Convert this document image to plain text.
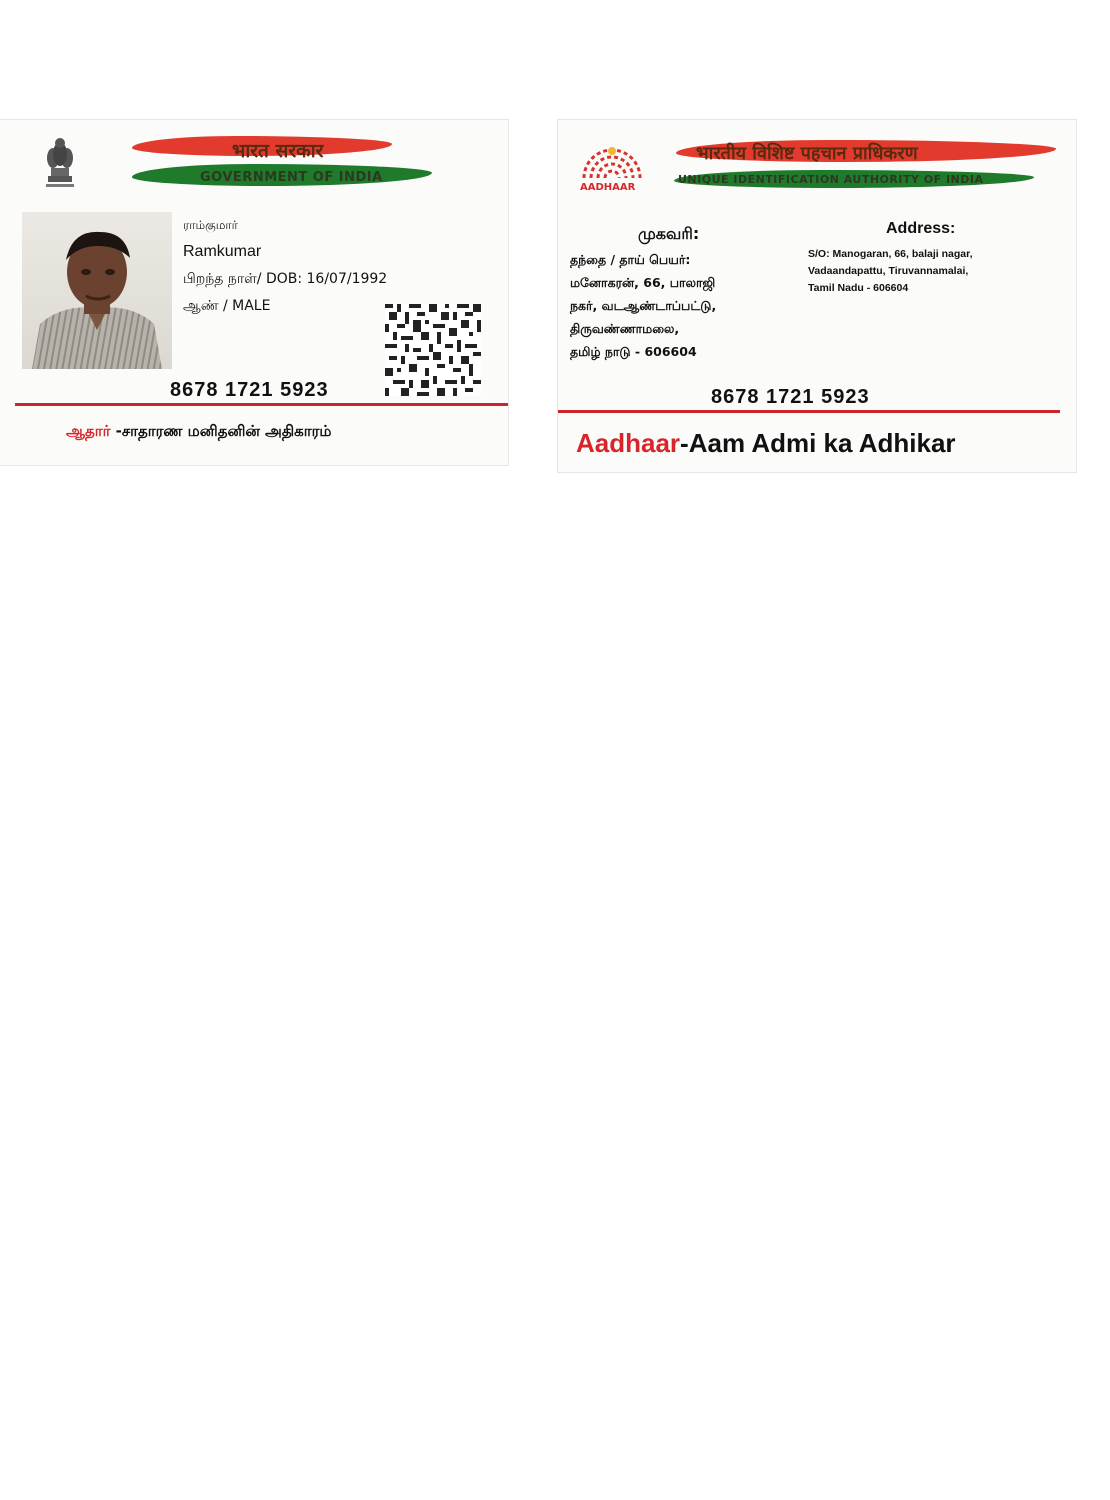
भारत सरकार
GOVERNMENT OF INDIA
ராம்குமார்
Ramkumar
பிறந்த நாள்/ DOB: 16/07/1992
ஆண் / MALE
8678 1721 5923
ஆதார் -சாதாரண மனிதனின் அதிகாரம்
AADHAAR
भारतीय विशिष्ट पहचान प्राधिकरण
UNIQUE IDENTIFICATION AUTHORITY OF INDIA
முகவரி:
தந்தை / தாய் பெயர்:
மனோகரன், 66, பாலாஜி
நகர், வடஆண்டாப்பட்டு,
திருவண்ணாமலை,
தமிழ் நாடு - 606604
Address:
S/O: Manogaran, 66, balaji nagar,
Vadaandapattu, Tiruvannamalai,
Tamil Nadu - 606604
8678 1721 5923
Aadhaar-Aam Admi ka Adhikar
